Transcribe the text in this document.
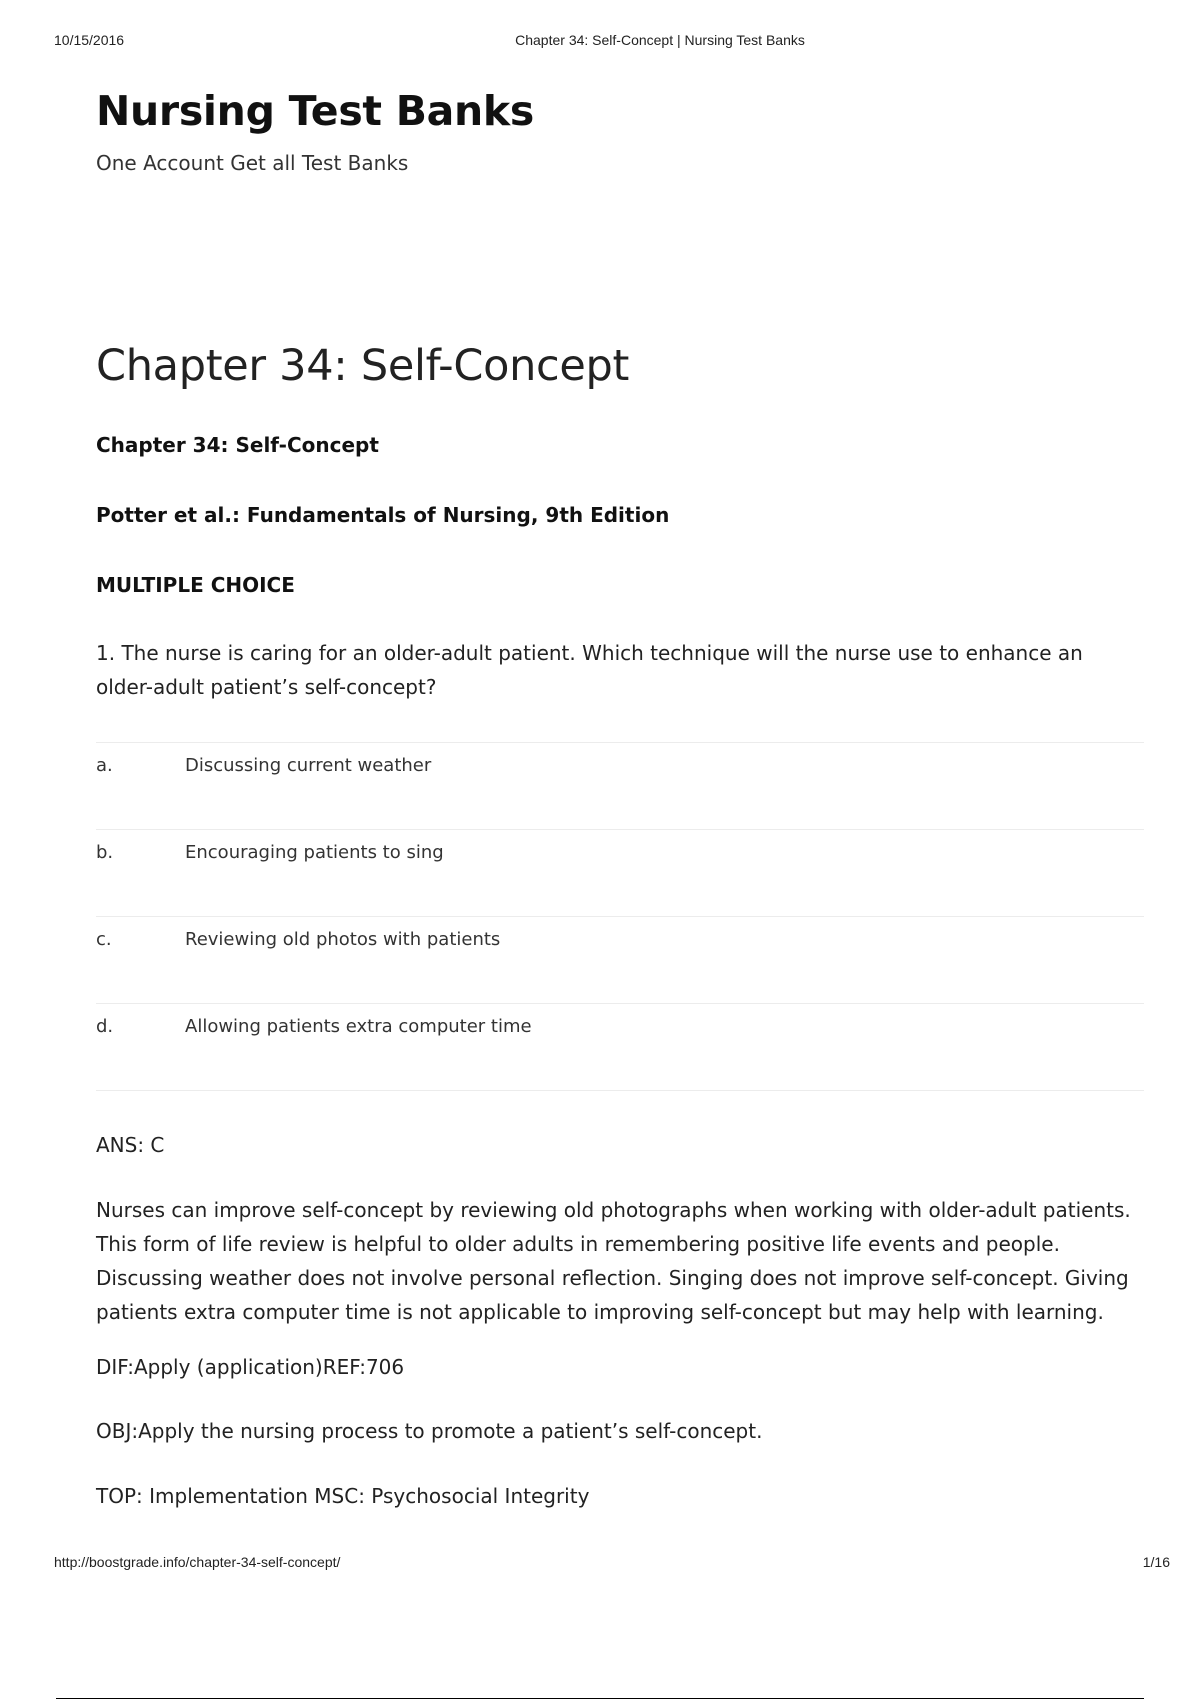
10/15/2016	Chapter 34: Self-Concept | Nursing Test Banks
Nursing Test Banks
One Account Get all Test Banks
Chapter 34: Self-Concept
Chapter 34: Self-Concept
Potter et al.: Fundamentals of Nursing, 9th Edition
MULTIPLE CHOICE
1. The nurse is caring for an older-adult patient. Which technique will the nurse use to enhance an older-adult patient’s self-concept?
a.	Discussing current weather
b.	Encouraging patients to sing
c.	Reviewing old photos with patients
d.	Allowing patients extra computer time
ANS: C
Nurses can improve self-concept by reviewing old photographs when working with older-adult patients. This form of life review is helpful to older adults in remembering positive life events and people. Discussing weather does not involve personal reflection. Singing does not improve self-concept. Giving patients extra computer time is not applicable to improving self-concept but may help with learning.
DIF:Apply (application)REF:706
OBJ:Apply the nursing process to promote a patient’s self-concept.
TOP: Implementation MSC: Psychosocial Integrity
http://boostgrade.info/chapter-34-self-concept/	1/16
